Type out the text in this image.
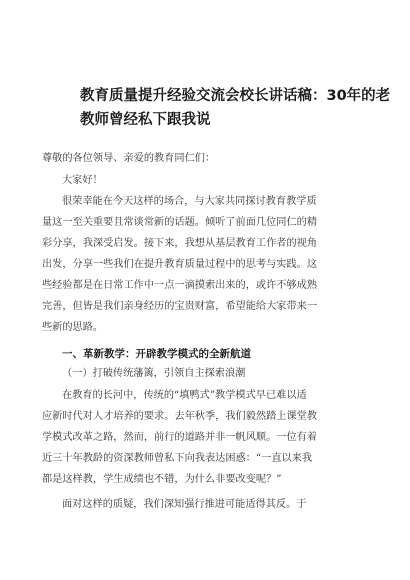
教育质量提升经验交流会校长讲话稿：30年的老
教师曾经私下跟我说
尊敬的各位领导、亲爱的教育同仁们：
大家好！
很荣幸能在今天这样的场合，与大家共同探讨教育教学质
量这一至关重要且常谈常新的话题。倾听了前面几位同仁的精
彩分享，我深受启发。接下来，我想从基层教育工作者的视角
出发，分享一些我们在提升教育质量过程中的思考与实践。这
些经验都是在日常工作中一点一滴摸索出来的，或许不够成熟
完善，但皆是我们亲身经历的宝贵财富，希望能给大家带来一
些新的思路。
一、革新教学：开辟教学模式的全新航道
（一）打破传统藩篱，引领自主探索浪潮
在教育的长河中，传统的“填鸭式”教学模式早已难以适
应新时代对人才培养的要求。去年秋季，我们毅然踏上课堂教
学模式改革之路，然而，前行的道路并非一帆风顺。一位有着
近三十年教龄的资深教师曾私下向我表达困惑：“一直以来我
都是这样教，学生成绩也不错，为什么非要改变呢？”
面对这样的质疑，我们深知强行推进可能适得其反。于
